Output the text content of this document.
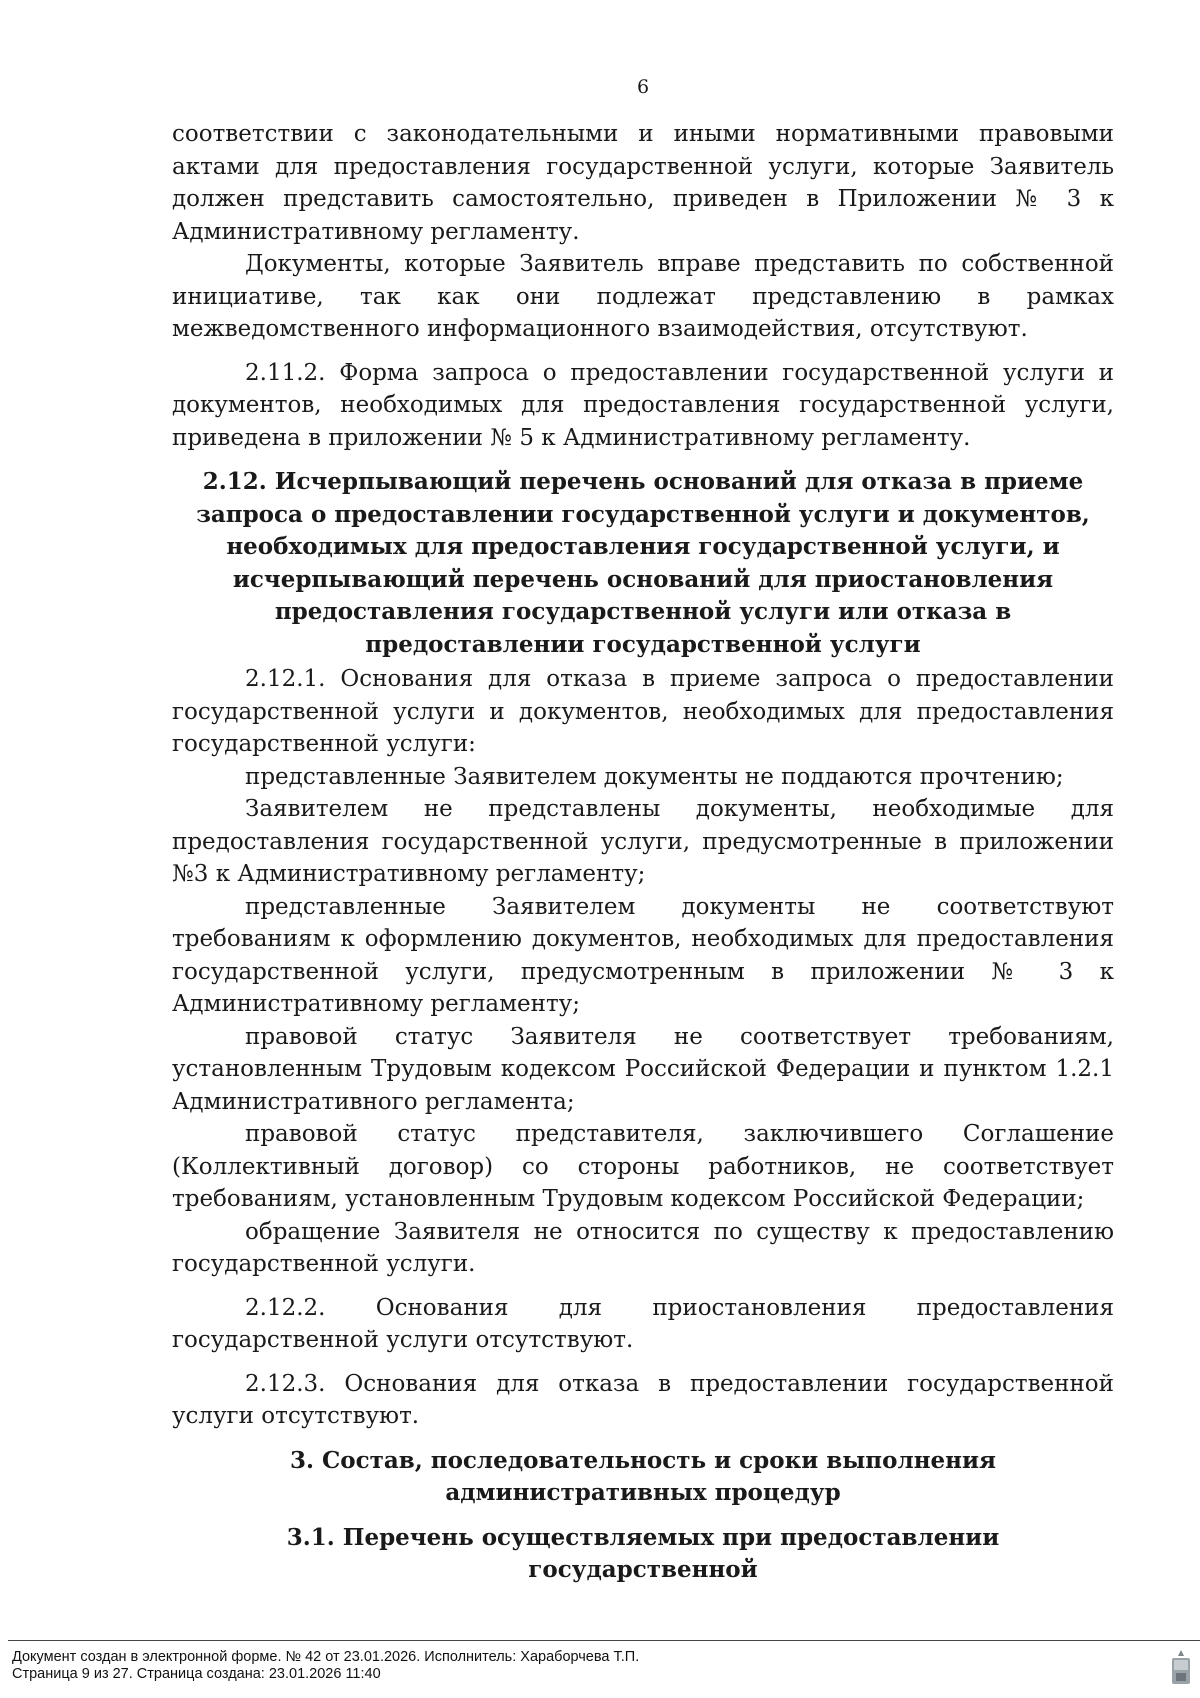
6

соответствии с законодательными и иными нормативными правовыми актами для предоставления государственной услуги, которые Заявитель должен представить самостоятельно, приведен в Приложении № 3 к Административному регламенту.

Документы, которые Заявитель вправе представить по собственной инициативе, так как они подлежат представлению в рамках межведомственного информационного взаимодействия, отсутствуют.

2.11.2. Форма запроса о предоставлении государственной услуги и документов, необходимых для предоставления государственной услуги, приведена в приложении № 5 к Административному регламенту.

2.12. Исчерпывающий перечень оснований для отказа в приеме запроса о предоставлении государственной услуги и документов, необходимых для предоставления государственной услуги, и исчерпывающий перечень оснований для приостановления предоставления государственной услуги или отказа в предоставлении государственной услуги

2.12.1. Основания для отказа в приеме запроса о предоставлении государственной услуги и документов, необходимых для предоставления государственной услуги:

представленные Заявителем документы не поддаются прочтению;

Заявителем не представлены документы, необходимые для предоставления государственной услуги, предусмотренные в приложении №3 к Административному регламенту;

представленные Заявителем документы не соответствуют требованиям к оформлению документов, необходимых для предоставления государственной услуги, предусмотренным в приложении № 3 к Административному регламенту;

правовой статус Заявителя не соответствует требованиям, установленным Трудовым кодексом Российской Федерации и пунктом 1.2.1 Административного регламента;

правовой статус представителя, заключившего Соглашение (Коллективный договор) со стороны работников, не соответствует требованиям, установленным Трудовым кодексом Российской Федерации;

обращение Заявителя не относится по существу к предоставлению государственной услуги.

2.12.2. Основания для приостановления предоставления государственной услуги отсутствуют.

2.12.3. Основания для отказа в предоставлении государственной услуги отсутствуют.

3. Состав, последовательность и сроки выполнения административных процедур

3.1. Перечень осуществляемых при предоставлении государственной

Документ создан в электронной форме. № 42 от 23.01.2026. Исполнитель: Хараборчева Т.П.
Страница 9 из 27. Страница создана: 23.01.2026 11:40
